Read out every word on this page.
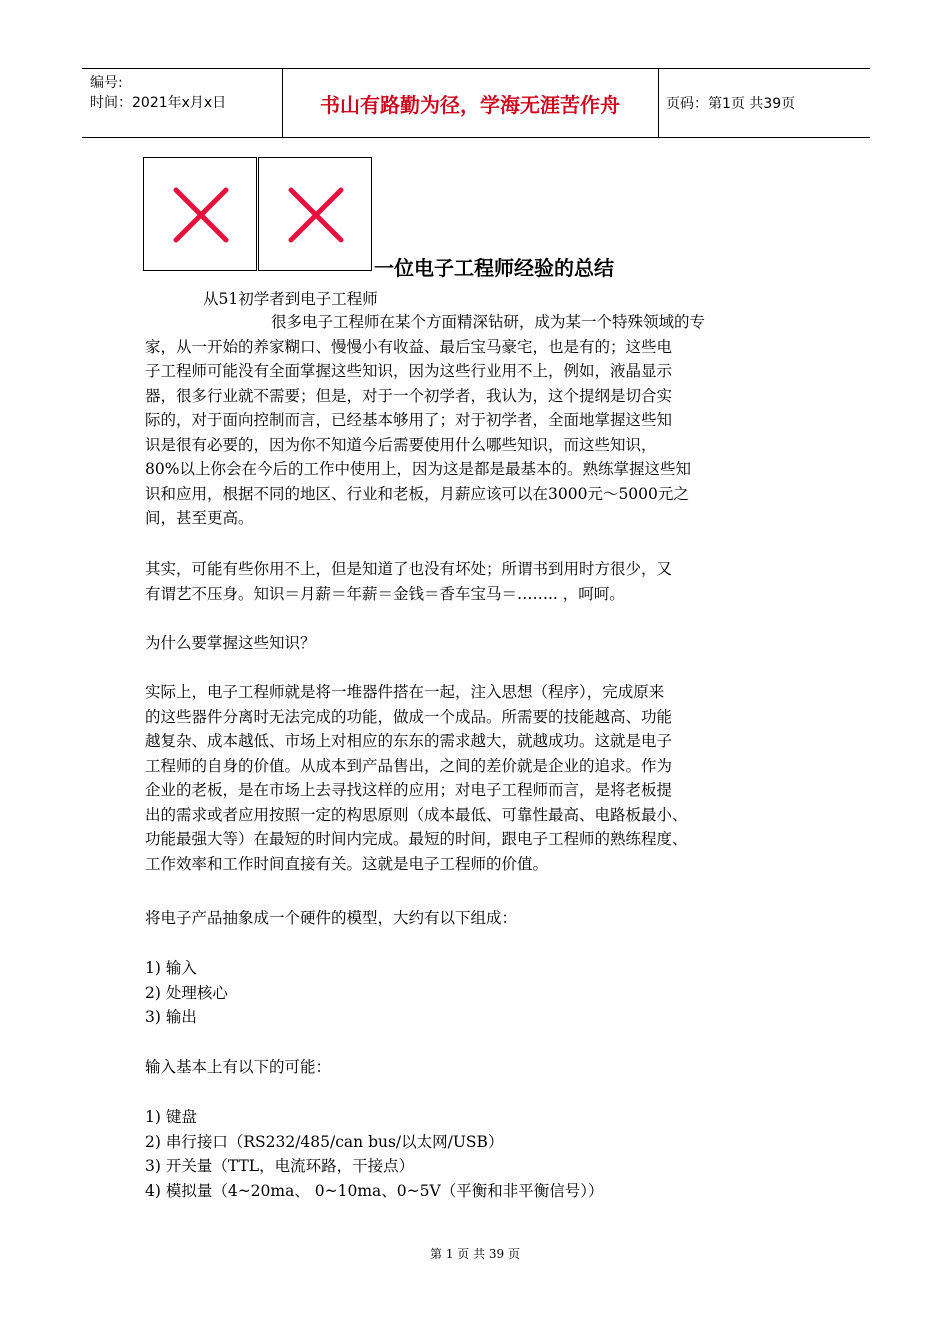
编号:
时间：2021年x月x日	书山有路勤为径，学海无涯苦作舟	页码：第1页 共39页
一位电子工程师经验的总结
从51初学者到电子工程师
很多电子工程师在某个方面精深钻研，成为某一个特殊领域的专
家，从一开始的养家糊口、慢慢小有收益、最后宝马豪宅，也是有的；这些电
子工程师可能没有全面掌握这些知识，因为这些行业用不上，例如，液晶显示
器，很多行业就不需要；但是，对于一个初学者，我认为，这个提纲是切合实
际的，对于面向控制而言，已经基本够用了；对于初学者，全面地掌握这些知
识是很有必要的，因为你不知道今后需要使用什么哪些知识，而这些知识，
80%以上你会在今后的工作中使用上，因为这是都是最基本的。熟练掌握这些知
识和应用，根据不同的地区、行业和老板，月薪应该可以在3000元～5000元之
间，甚至更高。
其实，可能有些你用不上，但是知道了也没有坏处；所谓书到用时方很少，又
有谓艺不压身。知识＝月薪＝年薪＝金钱＝香车宝马＝…….. ，呵呵。
为什么要掌握这些知识？
实际上，电子工程师就是将一堆器件搭在一起，注入思想（程序），完成原来
的这些器件分离时无法完成的功能，做成一个成品。所需要的技能越高、功能
越复杂、成本越低、市场上对相应的东东的需求越大，就越成功。这就是电子
工程师的自身的价值。从成本到产品售出，之间的差价就是企业的追求。作为
企业的老板，是在市场上去寻找这样的应用；对电子工程师而言，是将老板提
出的需求或者应用按照一定的构思原则（成本最低、可靠性最高、电路板最小、
功能最强大等）在最短的时间内完成。最短的时间，跟电子工程师的熟练程度、
工作效率和工作时间直接有关。这就是电子工程师的价值。
将电子产品抽象成一个硬件的模型，大约有以下组成：
1) 输入
2) 处理核心
3) 输出
输入基本上有以下的可能：
1) 键盘
2) 串行接口（RS232/485/can bus/以太网/USB）
3) 开关量（TTL，电流环路，干接点）
4) 模拟量（4~20ma、 0~10ma、0~5V（平衡和非平衡信号））
第 1 页 共 39 页
